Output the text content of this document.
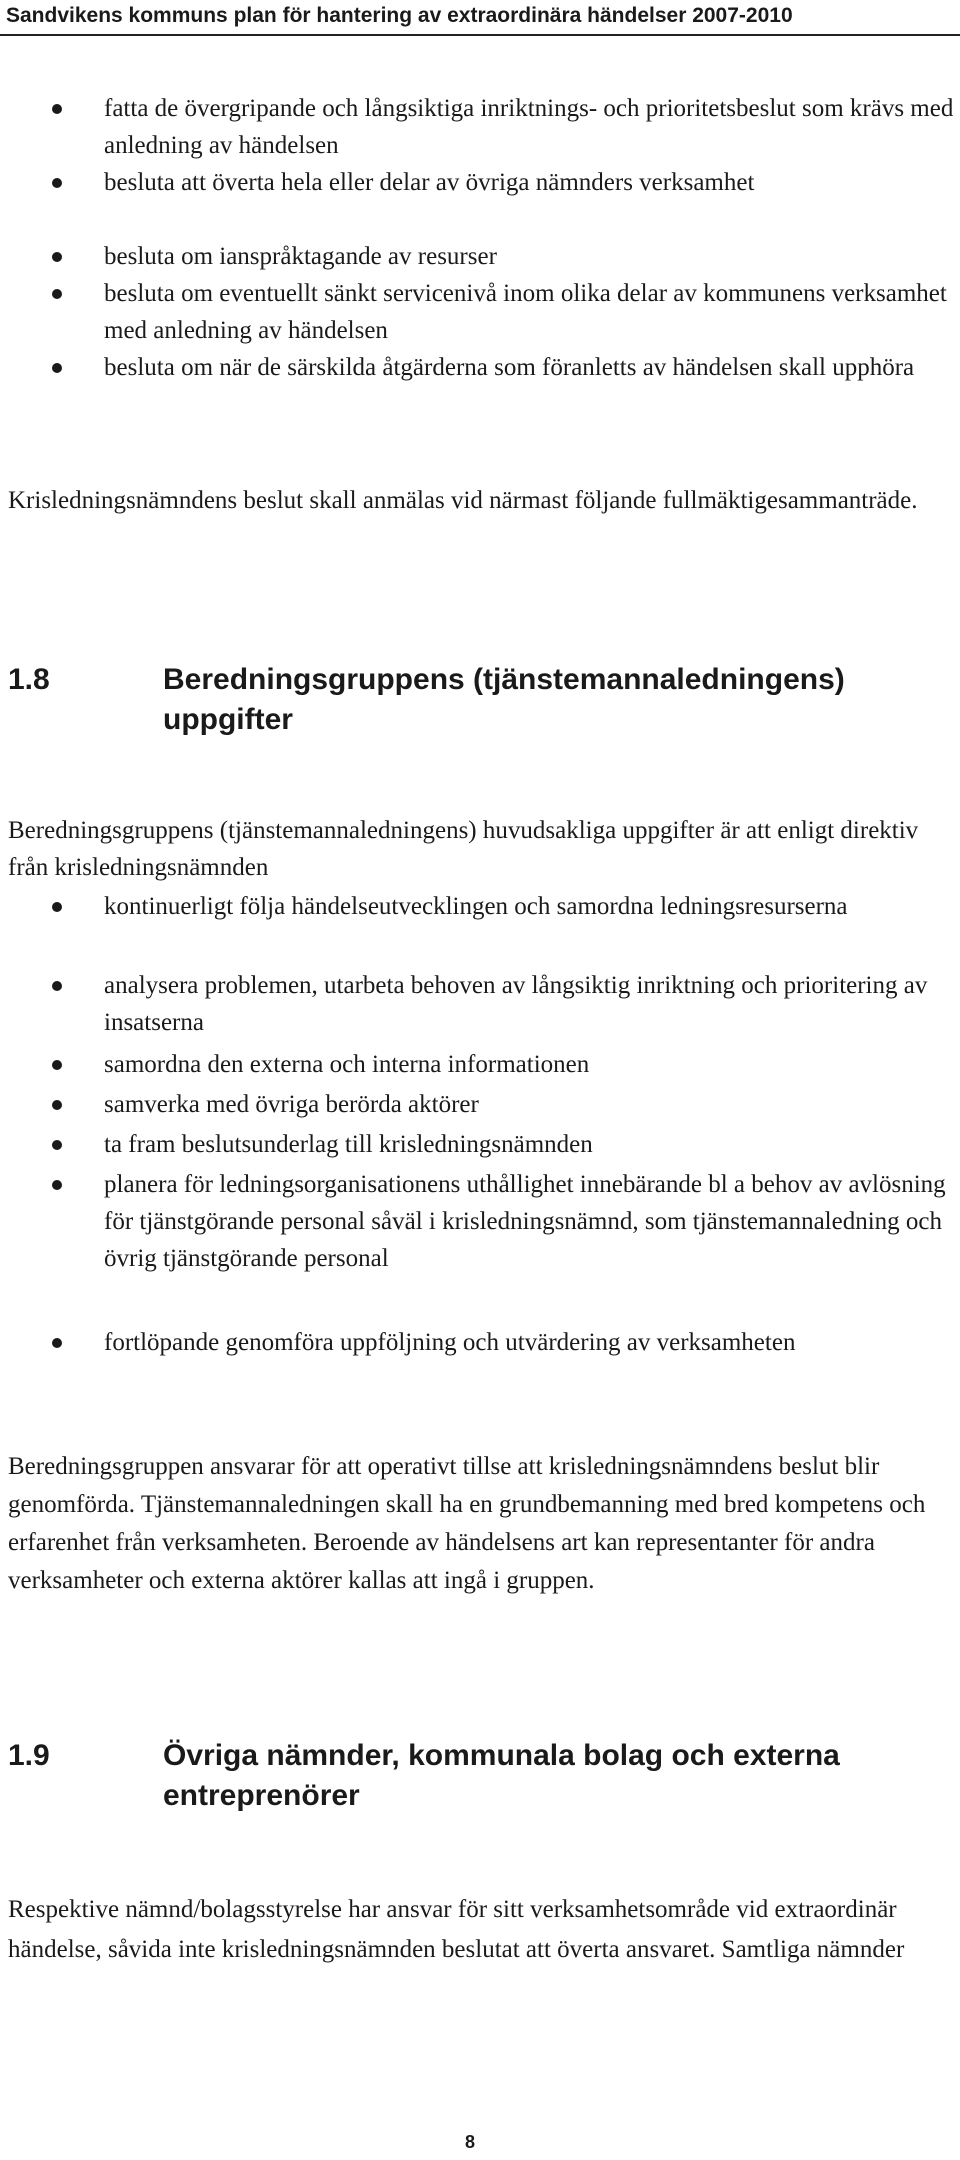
Sandvikens kommuns plan för hantering av extraordinära händelser 2007-2010
fatta de övergripande och långsiktiga inriktnings- och prioritetsbeslut som krävs med anledning av händelsen
besluta att överta hela eller delar av övriga nämnders verksamhet
besluta om ianspråktagande av resurser
besluta om eventuellt sänkt servicenivå inom olika delar av kommunens verksamhet med anledning av händelsen
besluta om när de särskilda åtgärderna som föranletts av händelsen skall upphöra
Krisledningsnämndens beslut skall anmälas vid närmast följande fullmäktigesammanträde.
1.8	Beredningsgruppens (tjänstemannaledningens) uppgifter
Beredningsgruppens (tjänstemannaledningens) huvudsakliga uppgifter är att enligt direktiv från krisledningsnämnden
kontinuerligt följa händelseutvecklingen och samordna ledningsresurserna
analysera problemen, utarbeta behoven av långsiktig inriktning och prioritering av insatserna
samordna den externa och interna informationen
samverka med övriga berörda aktörer
ta fram beslutsunderlag till krisledningsnämnden
planera för ledningsorganisationens uthållighet innebärande bl a behov av avlösning för tjänstgörande personal såväl i krisledningsnämnd, som tjänstemannaledning och övrig tjänstgörande personal
fortlöpande genomföra uppföljning och utvärdering av verksamheten
Beredningsgruppen ansvarar för att operativt tillse att krisledningsnämndens beslut blir genomförda. Tjänstemannaledningen skall ha en grundbemanning med bred kompetens och erfarenhet från verksamheten. Beroende av händelsens art kan representanter för andra verksamheter och externa aktörer kallas att ingå i gruppen.
1.9	Övriga nämnder, kommunala bolag och externa entreprenörer
Respektive nämnd/bolagsstyrelse har ansvar för sitt verksamhetsområde vid extraordinär händelse, såvida inte krisledningsnämnden beslutat att överta ansvaret. Samtliga nämnder
8
